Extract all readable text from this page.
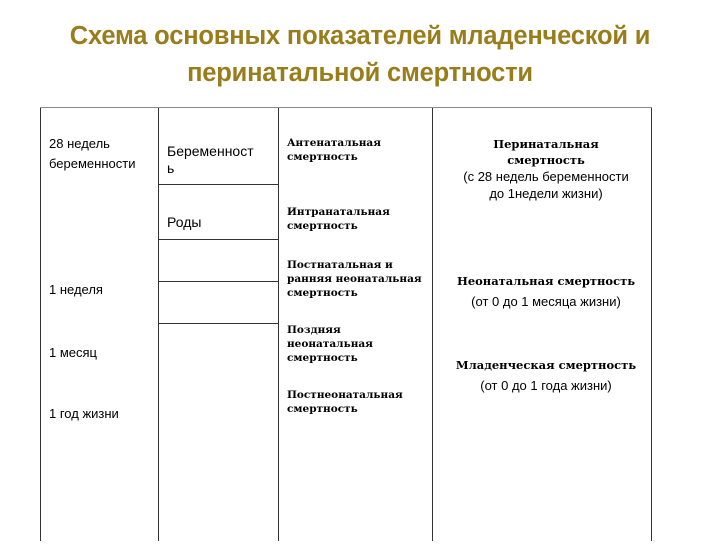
Схема основных показателей младенческой и
перинатальной смертности
28 недель
беременности
1 неделя
1 месяц
1 год жизни
Беременност
ь
Роды
Антенатальная
смертность
Интранатальная
смертность
Постнатальная и
ранняя неонатальная
смертность
Поздняя
неонатальная
смертность
Постнеонатальная
смертность
Перинатальная
смертность
(с 28 недель беременности
до 1недели жизни)
Неонатальная смертность
(от 0 до 1 месяца жизни)
Младенческая смертность
(от 0 до 1 года жизни)
